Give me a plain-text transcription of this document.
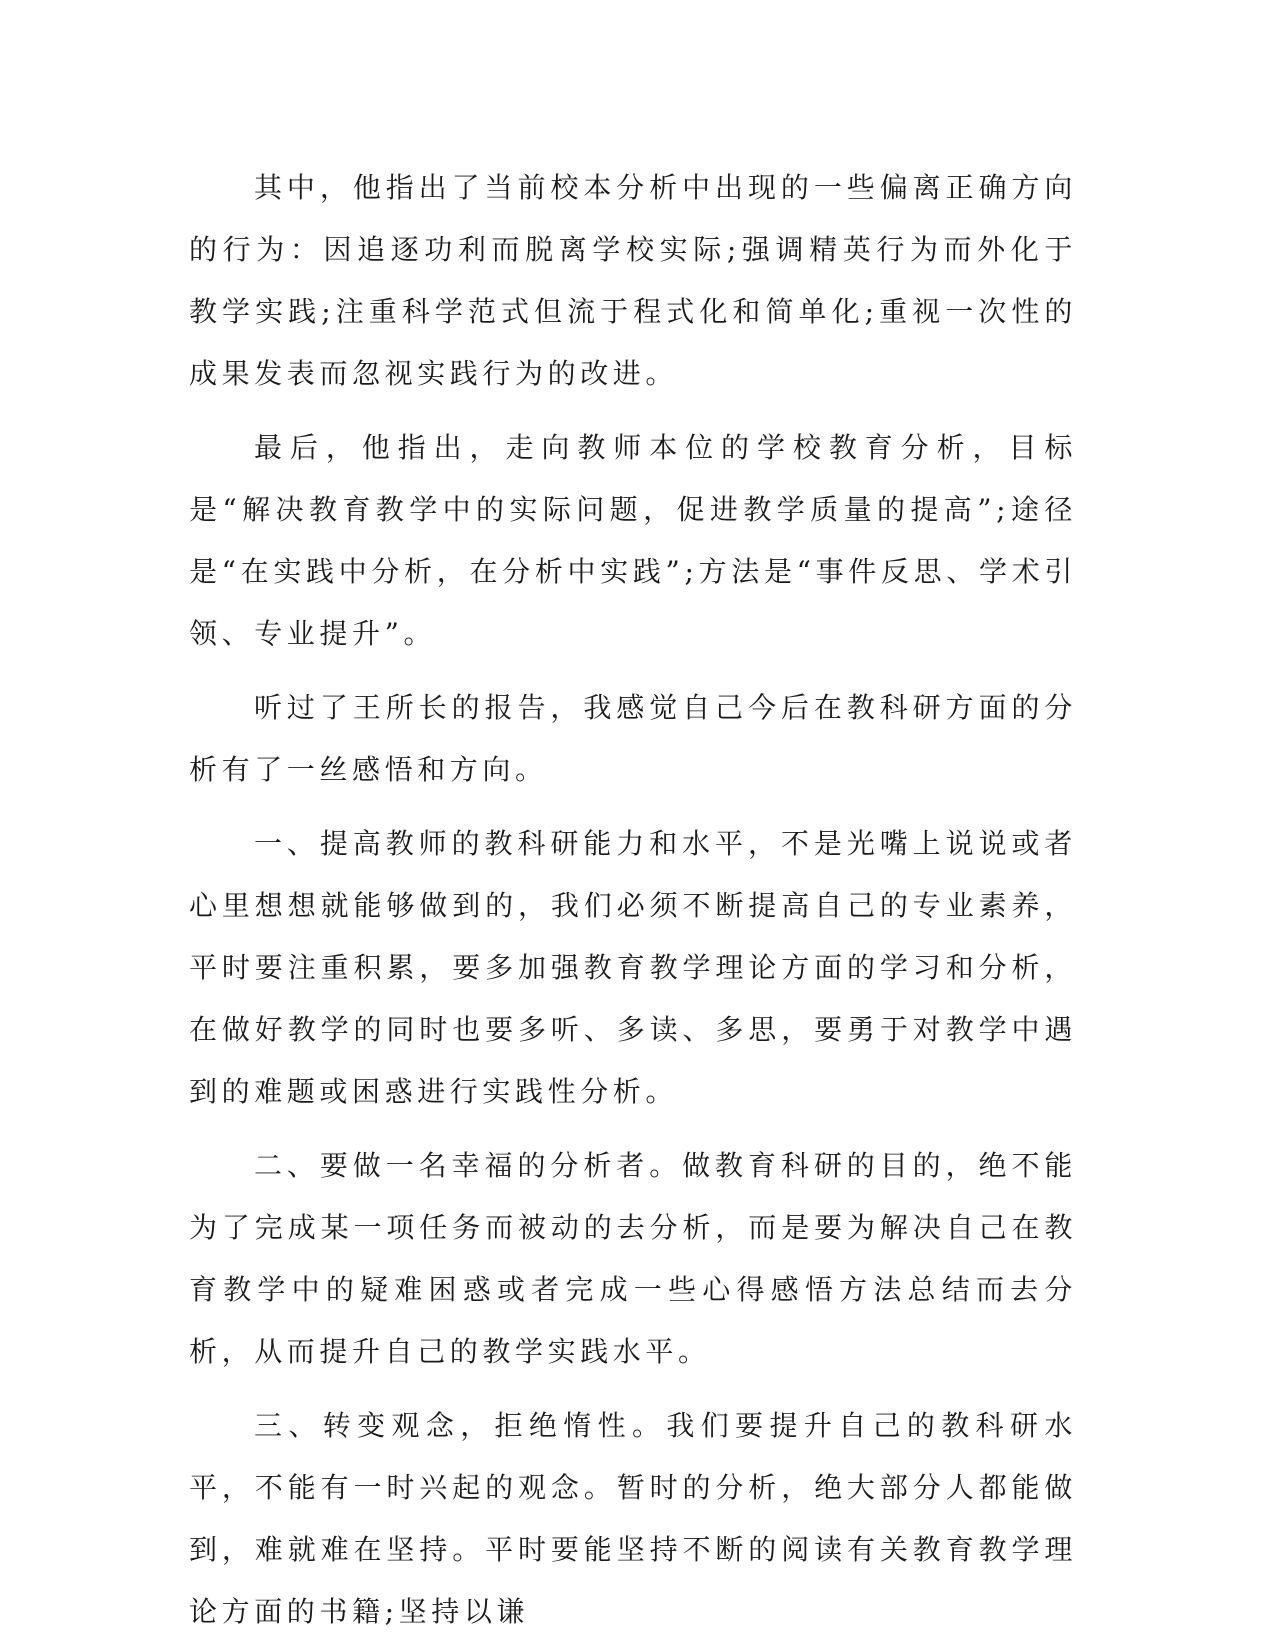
其中，他指出了当前校本分析中出现的一些偏离正确方向的行为：因追逐功利而脱离学校实际;强调精英行为而外化于教学实践;注重科学范式但流于程式化和简单化;重视一次性的成果发表而忽视实践行为的改进。

最后，他指出，走向教师本位的学校教育分析，目标是“解决教育教学中的实际问题，促进教学质量的提高”;途径是“在实践中分析，在分析中实践”;方法是“事件反思、学术引领、专业提升”。

听过了王所长的报告，我感觉自己今后在教科研方面的分析有了一丝感悟和方向。

一、提高教师的教科研能力和水平，不是光嘴上说说或者心里想想就能够做到的，我们必须不断提高自己的专业素养，平时要注重积累，要多加强教育教学理论方面的学习和分析，在做好教学的同时也要多听、多读、多思，要勇于对教学中遇到的难题或困惑进行实践性分析。

二、要做一名幸福的分析者。做教育科研的目的，绝不能为了完成某一项任务而被动的去分析，而是要为解决自己在教育教学中的疑难困惑或者完成一些心得感悟方法总结而去分析，从而提升自己的教学实践水平。

三、转变观念，拒绝惰性。我们要提升自己的教科研水平，不能有一时兴起的观念。暂时的分析，绝大部分人都能做到，难就难在坚持。平时要能坚持不断的阅读有关教育教学理论方面的书籍;坚持以谦
